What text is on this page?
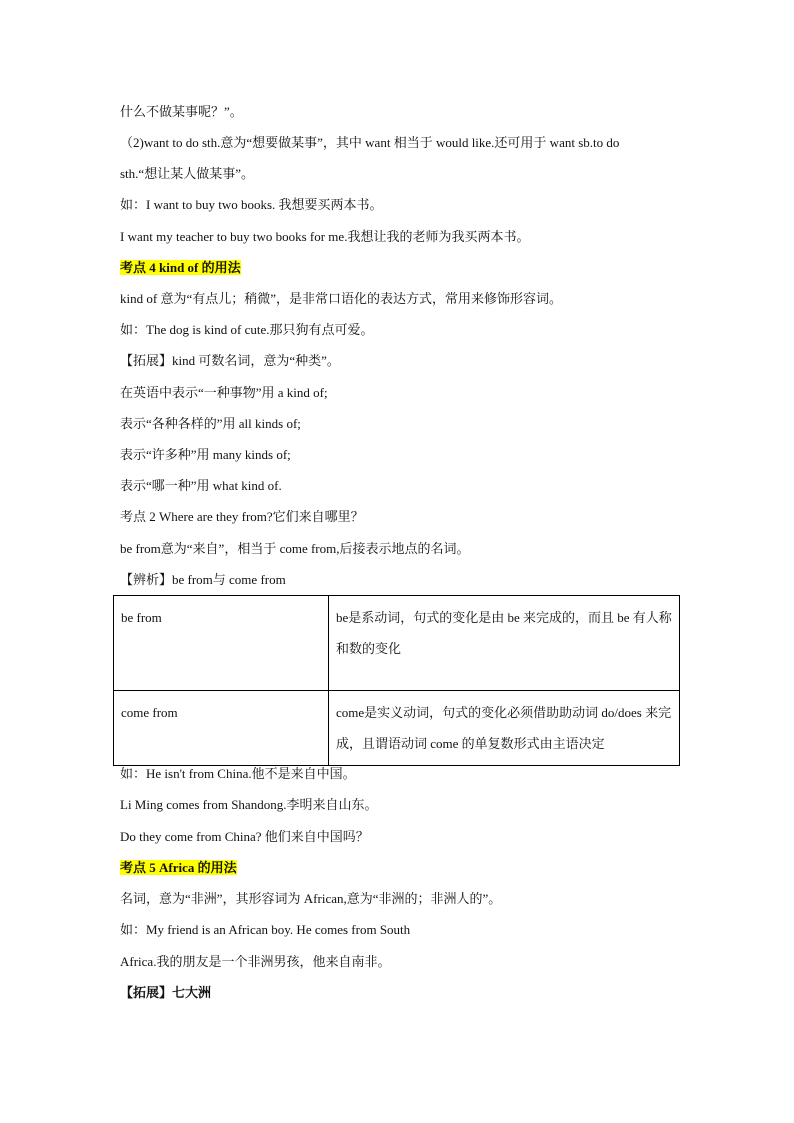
什么不做某事呢？”。
（2)want to do sth.意为“想要做某事”，其中 want 相当于 would like.还可用于 want sb.to do
sth.“想让某人做某事”。
如：I want to buy two books. 我想要买两本书。
I want my teacher to buy two books for me.我想让我的老师为我买两本书。
考点 4 kind of 的用法
kind of 意为“有点儿；稍微”，是非常口语化的表达方式，常用来修饰形容词。
如：The dog is kind of cute.那只狗有点可爱。
【拓展】kind 可数名词，意为“种类”。
在英语中表示“一种事物”用 a kind of;
表示“各种各样的”用 all kinds of;
表示“许多种”用 many kinds of;
表示“哪一种”用 what kind of.
考点 2 Where are they from?它们来自哪里？
be from意为“来自”，相当于 come from,后接表示地点的名词。
【辨析】be from与 come from
be from	be是系动词，句式的变化是由 be 来完成的，而且 be 有人称和数的变化
come from	come是实义动词，句式的变化必须借助助动词 do/does 来完成，且谓语动词 come 的单复数形式由主语决定
如：He isn't from China.他不是来自中国。
Li Ming comes from Shandong.李明来自山东。
Do they come from China? 他们来自中国吗？
考点 5 Africa 的用法
名词，意为“非洲”，其形容词为 African,意为“非洲的；非洲人的”。
如：My friend is an African boy. He comes from South
Africa.我的朋友是一个非洲男孩，他来自南非。
【拓展】七大洲
